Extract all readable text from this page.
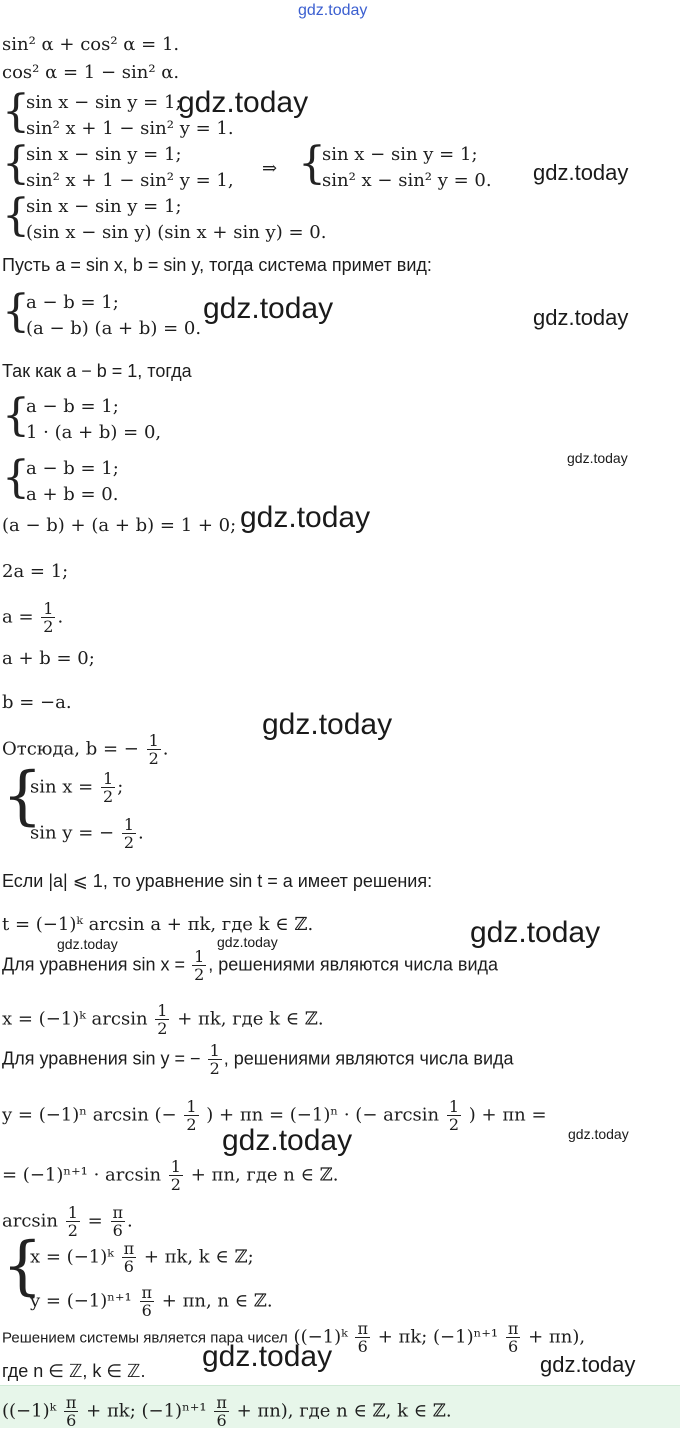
gdz.today
gdz.today
gdz.today
gdz.today	gdz.today
gdz.today
gdz.today
gdz.today
gdz.today
gdz.today	gdz.today
gdz.today	gdz.today
gdz.today	gdz.today
sin² α + cos² α = 1.
cos² α = 1 − sin² α.
{
sin x − sin y = 1;
sin² x + 1 − sin² y = 1.
{
sin x − sin y = 1;
sin² x + 1 − sin² y = 1,
⇒ {
sin x − sin y = 1;
sin² x − sin² y = 0.
{
sin x − sin y = 1;
(sin x − sin y) (sin x + sin y) = 0.
Пусть a = sin x, b = sin y, тогда система примет вид:
{
a − b = 1;
(a − b) (a + b) = 0.
Так как a − b = 1, тогда
{
a − b = 1;
1 · (a + b) = 0,
{
a − b = 1;
a + b = 0.
(a − b) + (a + b) = 1 + 0;
2a = 1;
$a = \frac{1}{2}$ .
a + b = 0;
b = −a.
Отсюда, b = − $\frac{1}{2}$ .
{
$\sin x = \frac{1}{2}$ ;
sin y = − $\frac{1}{2}$ .
Если |a| ⩽ 1, то уравнение sin t = a имеет решения:
t = (−1)ᵏ arcsin a + πk, где k ∈ ℤ.
Для уравнения $\sin x = \frac{1}{2}$ , решениями являются числа вида
x = (−1)ᵏ $\arcsin \frac{1}{2} + \pi k$, где k ∈ ℤ.
Для уравнения sin y = − $\frac{1}{2}$ , решениями являются числа вида
y = (−1)ⁿ arcsin (− $\frac{1}{2}$ ) + πn = (−1)ⁿ · (− $\arcsin \frac{1}{2}$ ) + πn =
= $(-1)^{n+1} \cdot \arcsin \frac{1}{2} + \pi n$, где n ∈ ℤ.
$\arcsin \frac{1}{2} = \frac{\pi}{6}$ .
{
x = (−1)ᵏ $\frac{\pi}{6} + \pi k$, k ∈ ℤ;
$y = (-1)^{n+1} \frac{\pi}{6} + \pi n$, n ∈ ℤ.
Решением системы является пара чисел ((−1)ᵏ $\frac{\pi}{6} + \pi k$; $(-1)^{n+1} \frac{\pi}{6} + \pi n$),
где n ∈ ℤ, k ∈ ℤ.
((−1)ᵏ $\frac{\pi}{6} + \pi k$; $(-1)^{n+1} \frac{\pi}{6} + \pi n$), где n ∈ ℤ, k ∈ ℤ.
